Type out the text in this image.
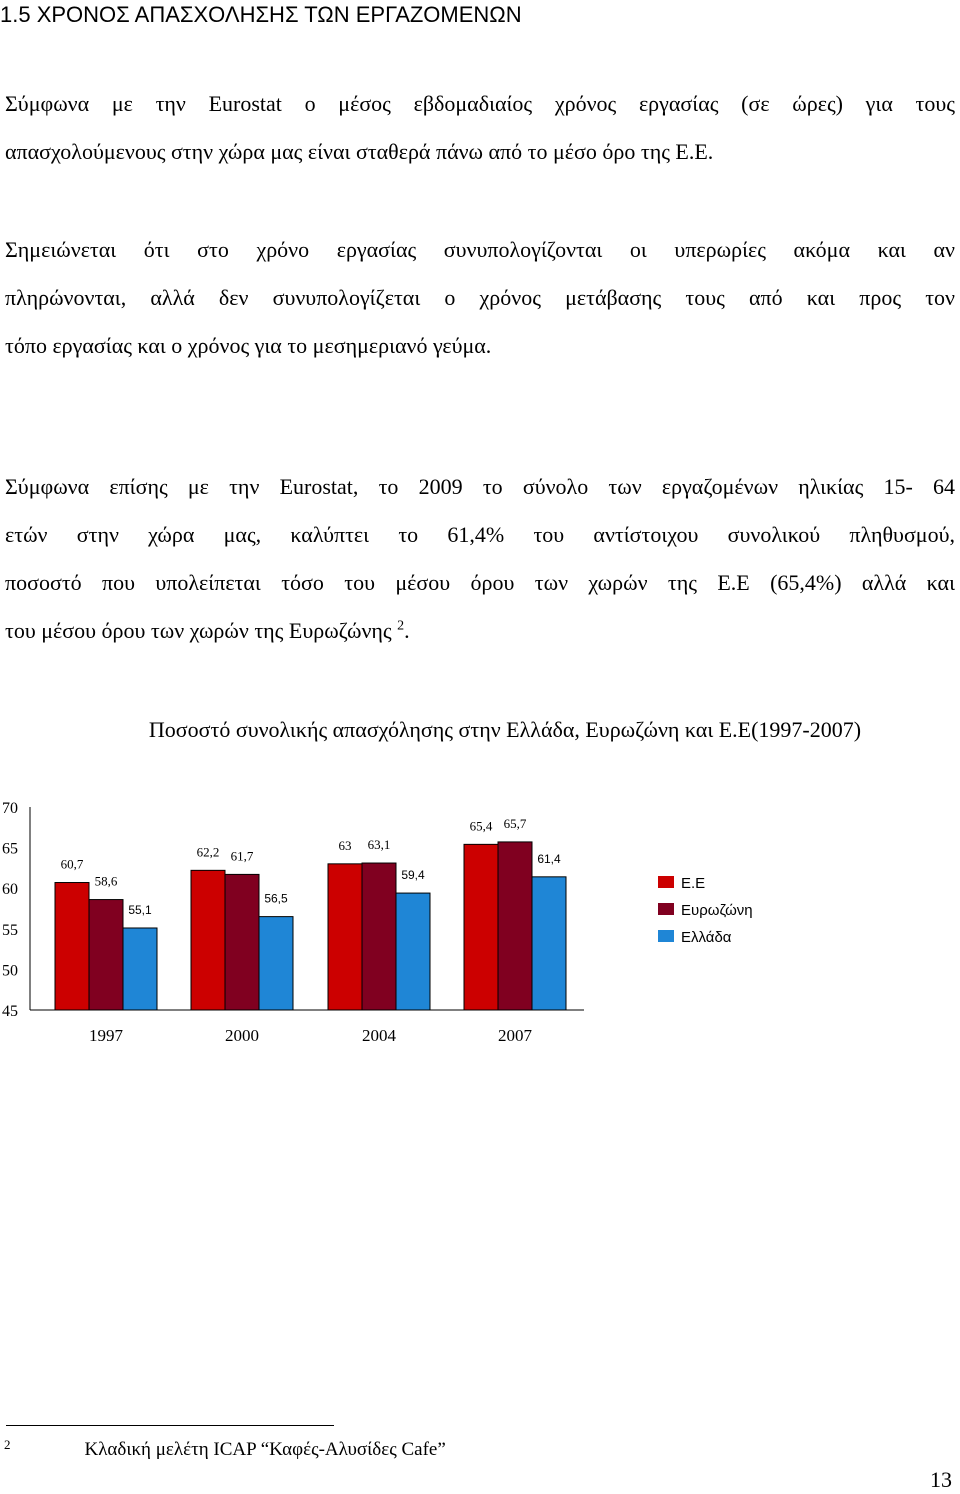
1.5 ΧΡΟΝΟΣ ΑΠΑΣΧΟΛΗΣΗΣ ΤΩΝ ΕΡΓΑΖΟΜΕΝΩΝ
Σύμφωνα με την Eurostat ο μέσος εβδομαδιαίος χρόνος εργασίας (σε ώρες) για τους
απασχολούμενους στην χώρα μας είναι σταθερά πάνω από το μέσο όρο της Ε.Ε.
Σημειώνεται ότι στο χρόνο εργασίας συνυπολογίζονται οι υπερωρίες ακόμα και αν
πληρώνονται, αλλά δεν συνυπολογίζεται ο χρόνος μετάβασης τους από και προς τον
τόπο εργασίας και ο χρόνος για το μεσημεριανό γεύμα.
Σύμφωνα επίσης με την Eurostat, το 2009 το σύνολο των εργαζομένων ηλικίας 15- 64
ετών στην χώρα μας, καλύπτει το 61,4% του αντίστοιχου συνολικού πληθυσμού,
ποσοστό που υπολείπεται τόσο του μέσου όρου των χωρών της Ε.Ε (65,4%) αλλά και
του μέσου όρου των χωρών της Ευρωζώνης $^2$.
Ποσοστό συνολικής απασχόλησης στην Ελλάδα, Ευρωζώνη και Ε.Ε(1997-2007)
70
65
60
55
50
45
60,7
58,6
55,1
62,2 61,7
56,5
63 63,1
59,4
65,4 65,7
61,4
1997	2000	2004	2007
Ε.Ε
Ευρωζώνη
Ελλάδα
$^2$	Κλαδική μελέτη ICAP “Καφές-Αλυσίδες Cafe”
13
